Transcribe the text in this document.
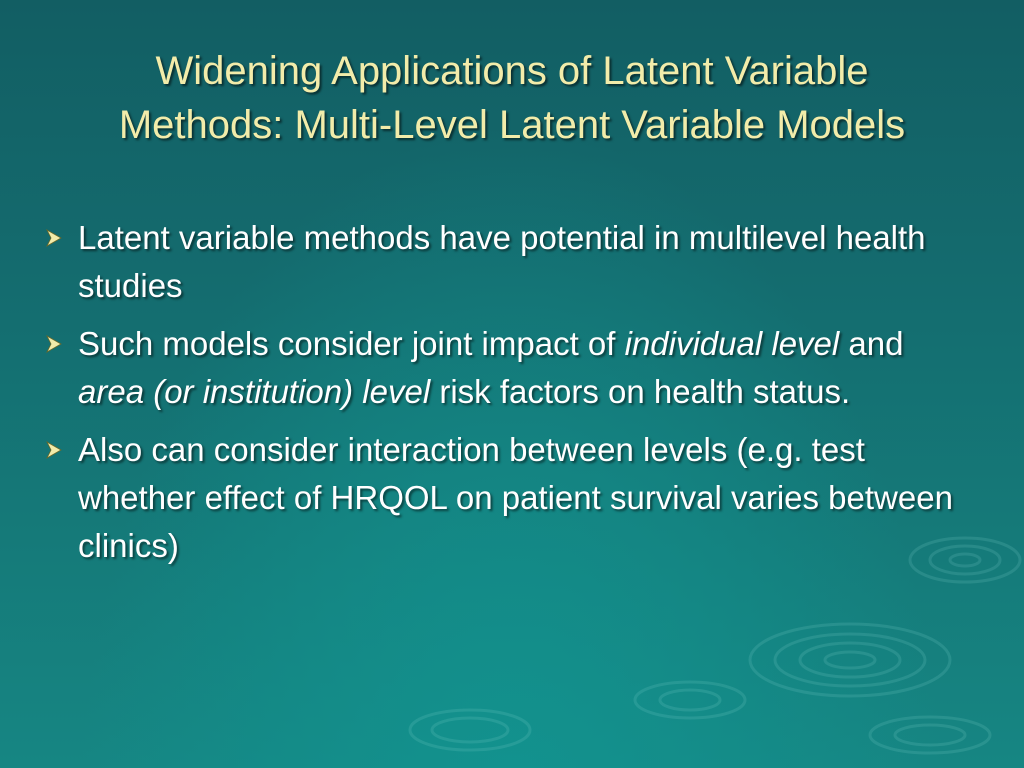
Widening Applications of Latent Variable
Methods: Multi-Level Latent Variable Models
Latent variable methods have potential in multilevel health studies
Such models consider joint impact of individual level and area (or institution) level risk factors on health status.
Also can consider interaction between levels (e.g. test whether effect of HRQOL on patient survival varies between clinics)
